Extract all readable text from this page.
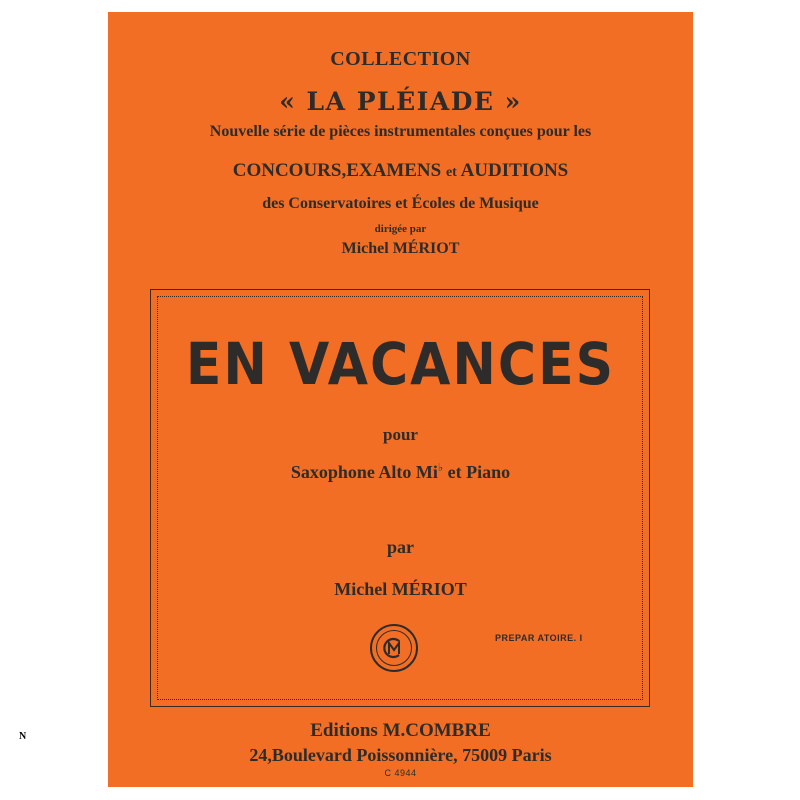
N
COLLECTION
« LA PLÉIADE »
Nouvelle série de pièces instrumentales conçues pour les
CONCOURS,EXAMENS et AUDITIONS
des Conservatoires et Écoles de Musique
dirigée par
Michel MÉRIOT
EN VACANCES
pour
Saxophone Alto Mi♭ et Piano
par
Michel MÉRIOT
PREPAR ATOIRE. I
Editions M.COMBRE
24,Boulevard Poissonnière, 75009 Paris
C 4944
